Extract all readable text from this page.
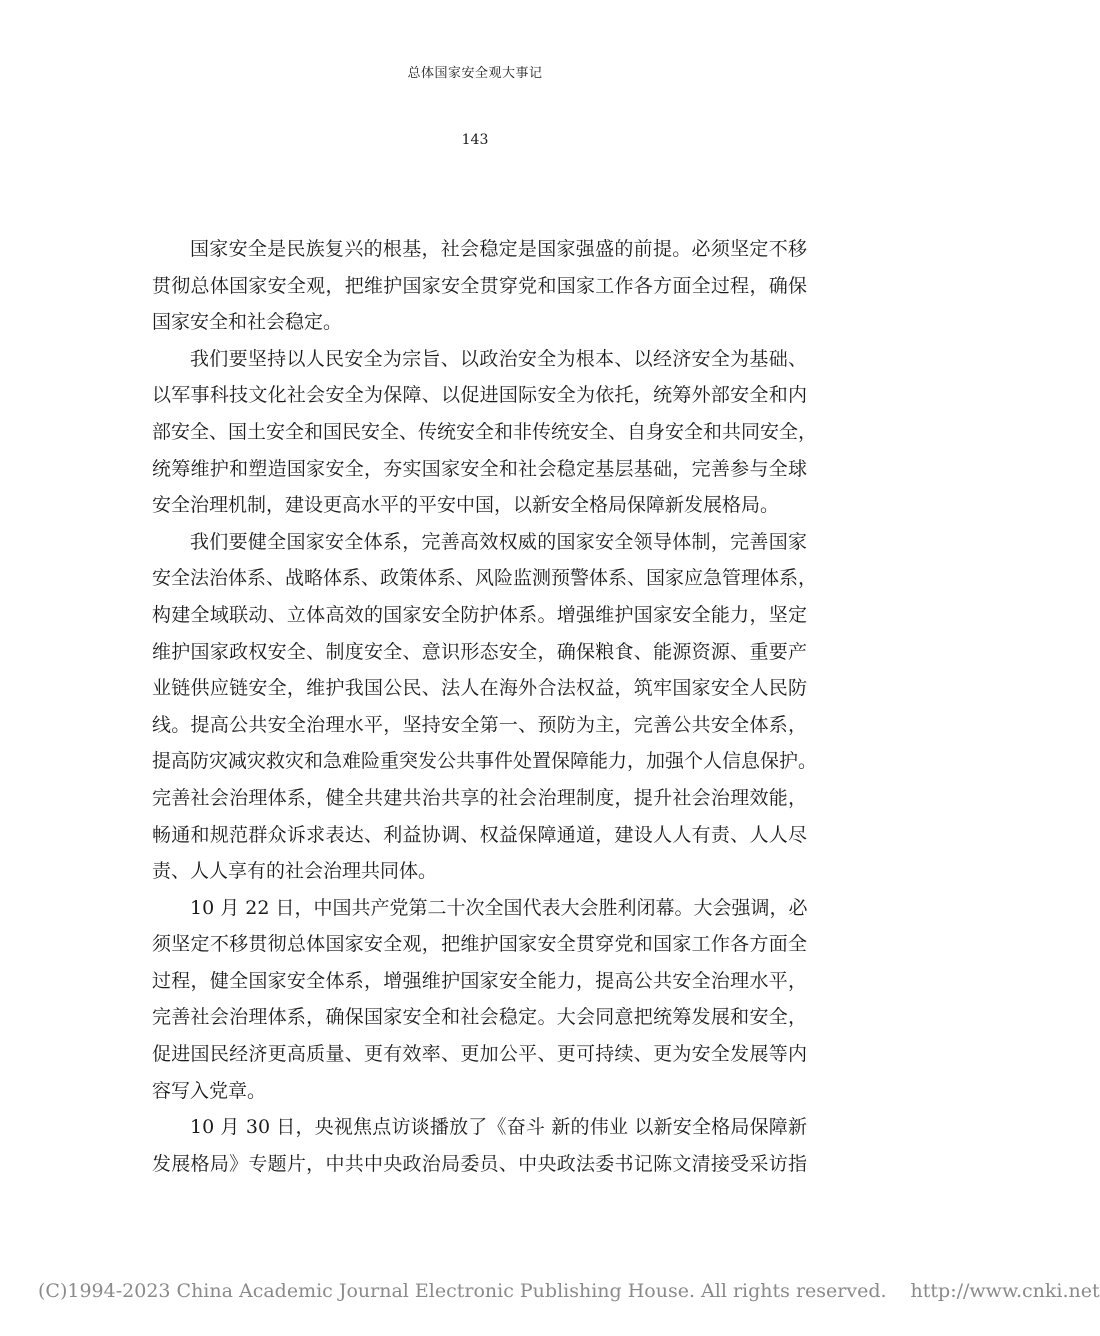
总体国家安全观大事记
143
国家安全是民族复兴的根基，社会稳定是国家强盛的前提。必须坚定不移
贯彻总体国家安全观，把维护国家安全贯穿党和国家工作各方面全过程，确保
国家安全和社会稳定。
我们要坚持以人民安全为宗旨、以政治安全为根本、以经济安全为基础、
以军事科技文化社会安全为保障、以促进国际安全为依托，统筹外部安全和内
部安全、国土安全和国民安全、传统安全和非传统安全、自身安全和共同安全，
统筹维护和塑造国家安全，夯实国家安全和社会稳定基层基础，完善参与全球
安全治理机制，建设更高水平的平安中国，以新安全格局保障新发展格局。
我们要健全国家安全体系，完善高效权威的国家安全领导体制，完善国家
安全法治体系、战略体系、政策体系、风险监测预警体系、国家应急管理体系，
构建全域联动、立体高效的国家安全防护体系。增强维护国家安全能力，坚定
维护国家政权安全、制度安全、意识形态安全，确保粮食、能源资源、重要产
业链供应链安全，维护我国公民、法人在海外合法权益，筑牢国家安全人民防
线。提高公共安全治理水平，坚持安全第一、预防为主，完善公共安全体系，
提高防灾减灾救灾和急难险重突发公共事件处置保障能力，加强个人信息保护。
完善社会治理体系，健全共建共治共享的社会治理制度，提升社会治理效能，
畅通和规范群众诉求表达、利益协调、权益保障通道，建设人人有责、人人尽
责、人人享有的社会治理共同体。
10 月 22 日，中国共产党第二十次全国代表大会胜利闭幕。大会强调，必
须坚定不移贯彻总体国家安全观，把维护国家安全贯穿党和国家工作各方面全
过程，健全国家安全体系，增强维护国家安全能力，提高公共安全治理水平，
完善社会治理体系，确保国家安全和社会稳定。大会同意把统筹发展和安全，
促进国民经济更高质量、更有效率、更加公平、更可持续、更为安全发展等内
容写入党章。
10 月 30 日，央视焦点访谈播放了《奋斗 新的伟业 以新安全格局保障新
发展格局》专题片，中共中央政治局委员、中央政法委书记陈文清接受采访指
(C)1994-2023 China Academic Journal Electronic Publishing House. All rights reserved. http://www.cnki.net
